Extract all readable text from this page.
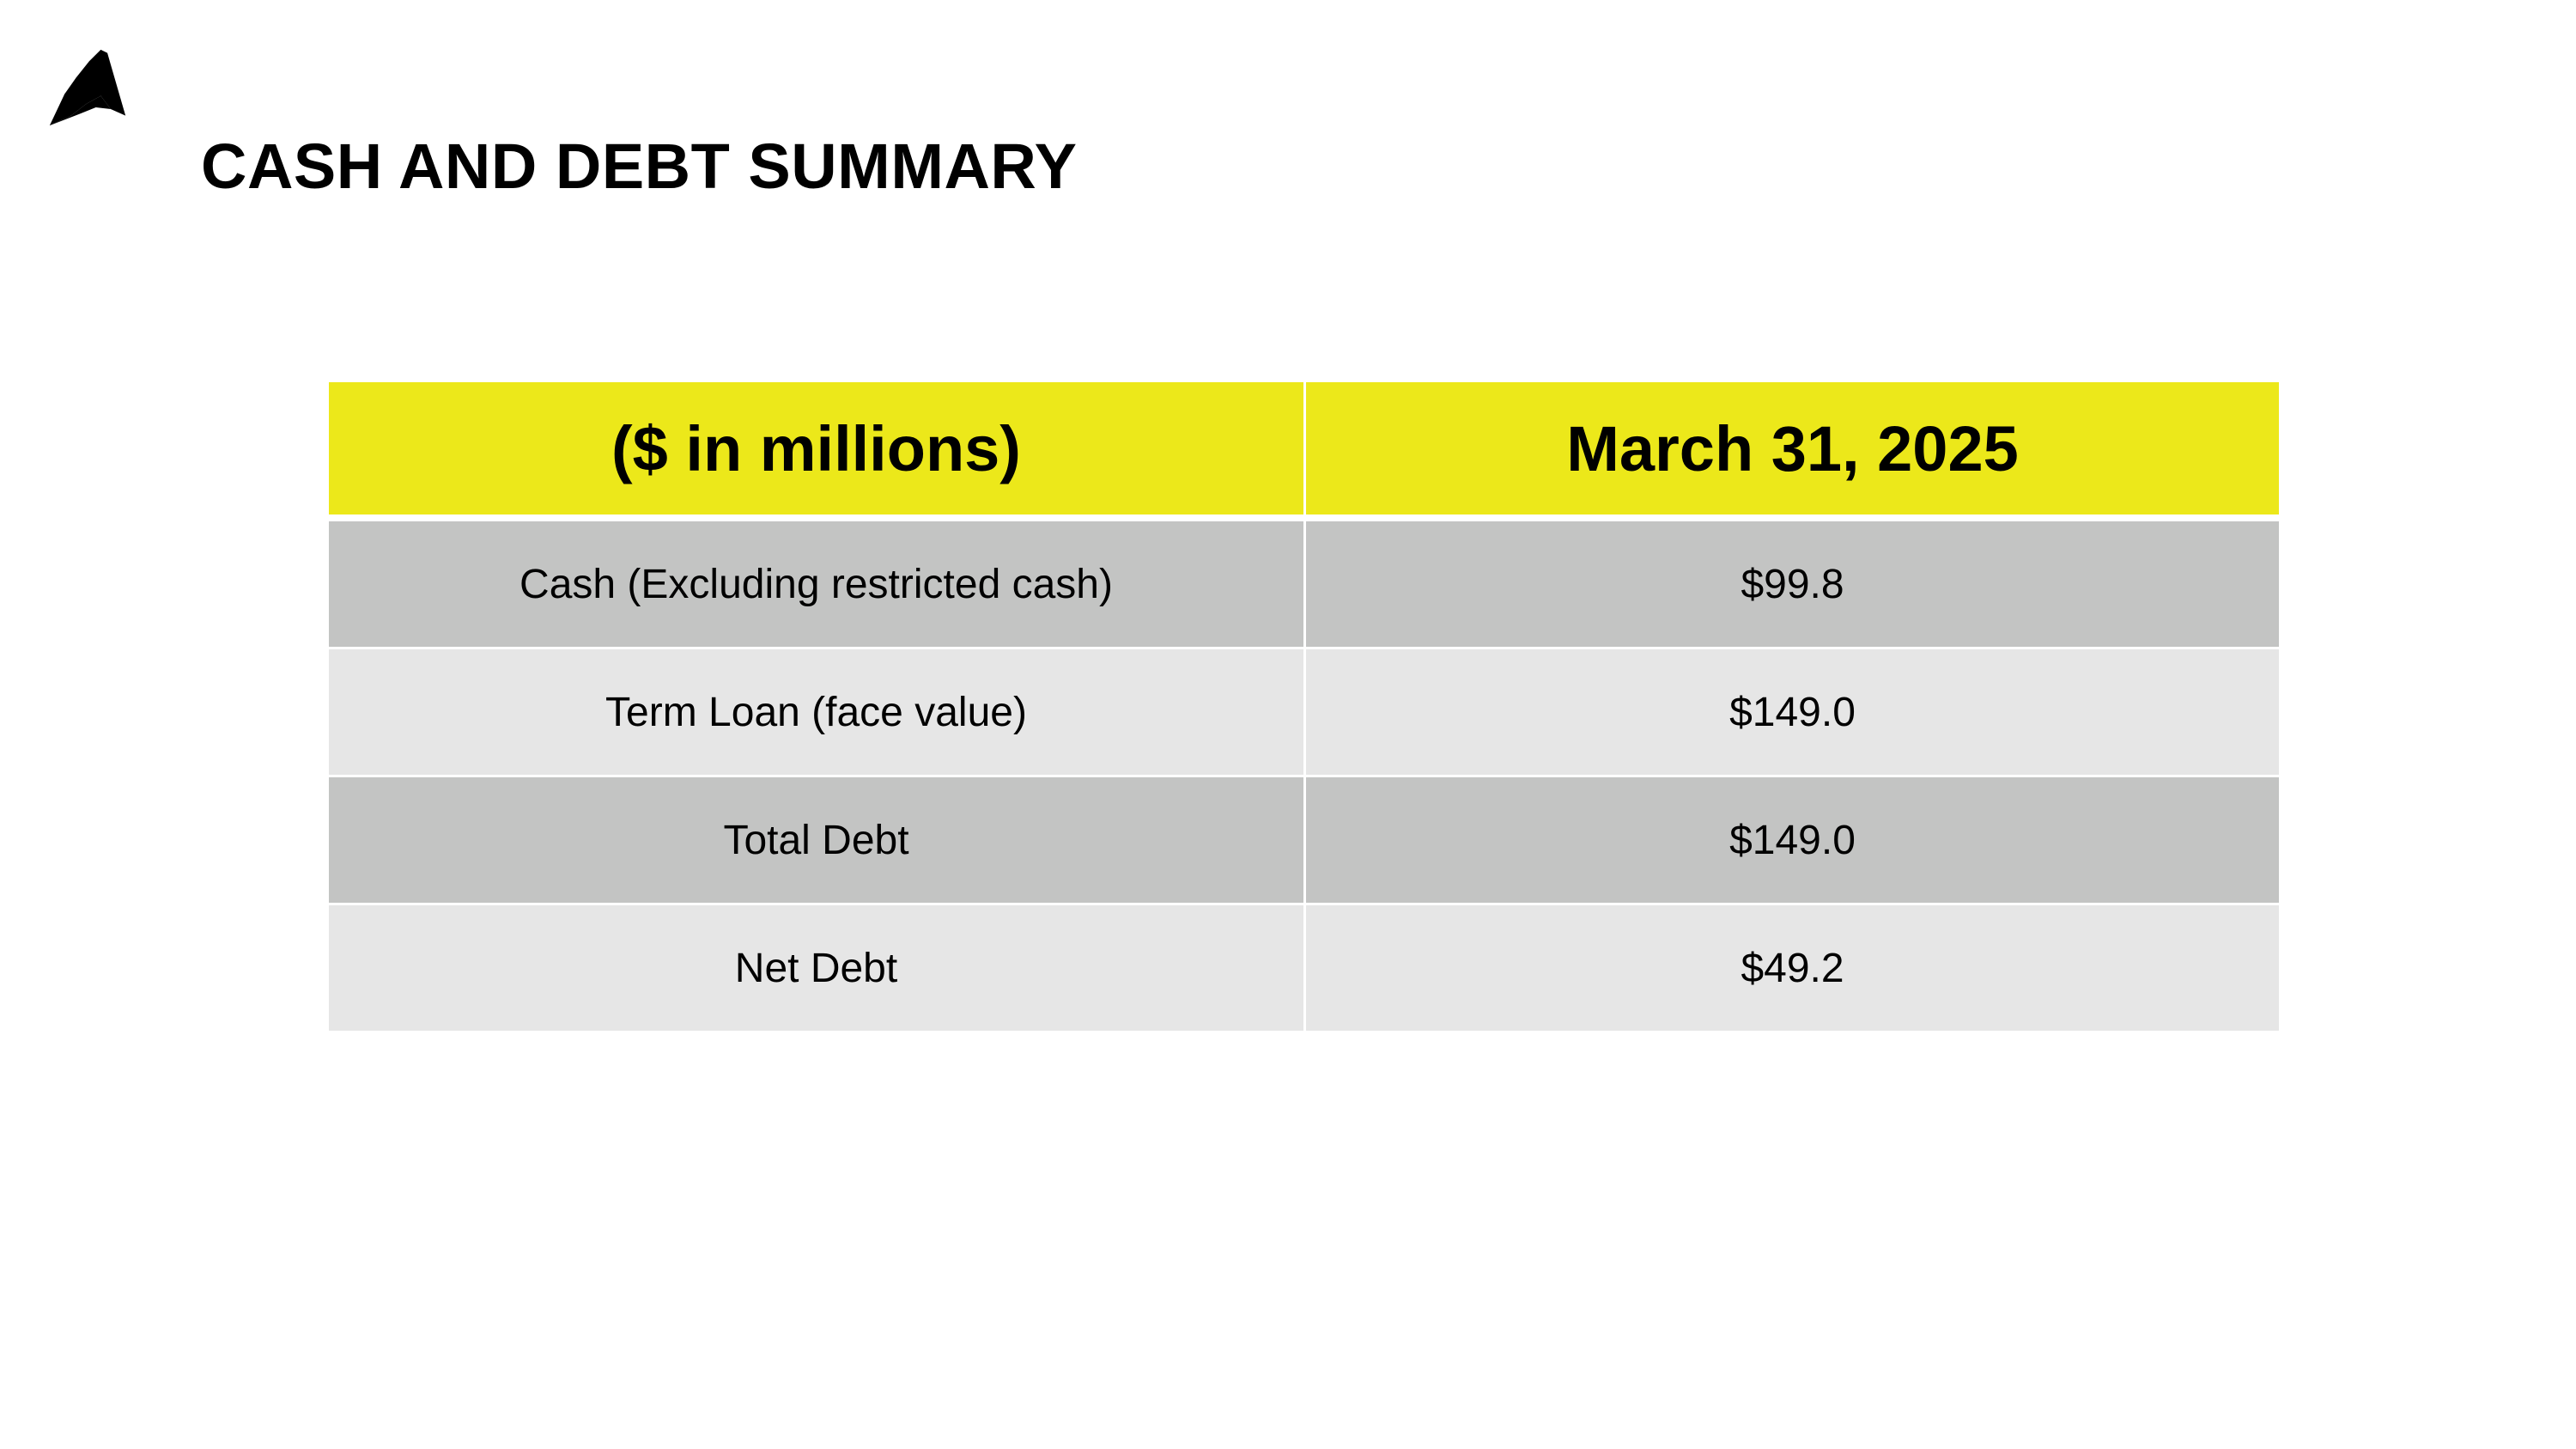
CASH AND DEBT SUMMARY
($ in millions)	March 31, 2025
Cash (Excluding restricted cash)	$99.8
Term Loan (face value)	$149.0
Total Debt	$149.0
Net Debt	$49.2
